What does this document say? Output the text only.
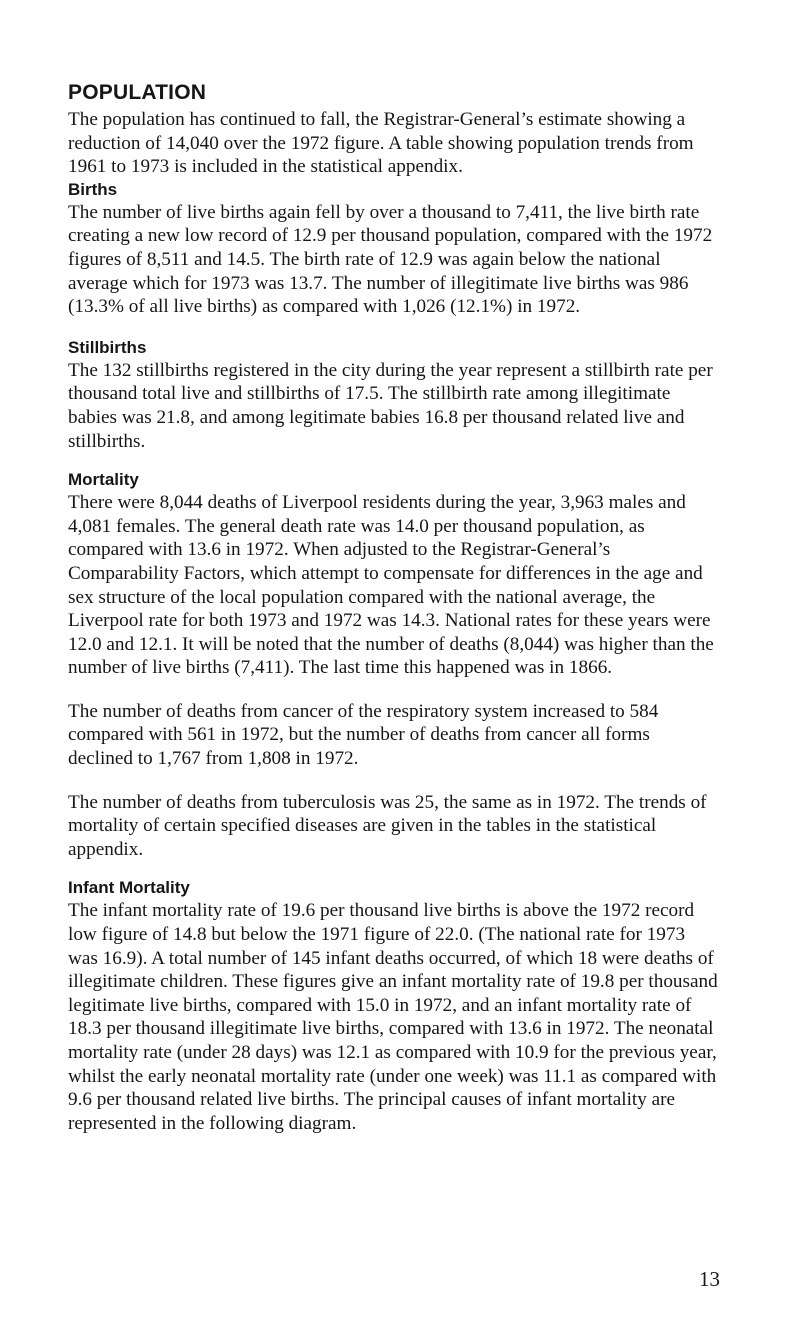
POPULATION

The population has continued to fall, the Registrar-General’s estimate showing a reduction of 14,040 over the 1972 figure. A table showing population trends from 1961 to 1973 is included in the statistical appendix.

Births

The number of live births again fell by over a thousand to 7,411, the live birth rate creating a new low record of 12.9 per thousand population, compared with the 1972 figures of 8,511 and 14.5. The birth rate of 12.9 was again below the national average which for 1973 was 13.7. The number of illegitimate live births was 986 (13.3% of all live births) as compared with 1,026 (12.1%) in 1972.

Stillbirths

The 132 stillbirths registered in the city during the year represent a stillbirth rate per thousand total live and stillbirths of 17.5. The stillbirth rate among illegitimate babies was 21.8, and among legitimate babies 16.8 per thousand related live and stillbirths.

Mortality

There were 8,044 deaths of Liverpool residents during the year, 3,963 males and 4,081 females. The general death rate was 14.0 per thousand population, as compared with 13.6 in 1972. When adjusted to the Registrar-General’s Comparability Factors, which attempt to compensate for differences in the age and sex structure of the local population compared with the national average, the Liverpool rate for both 1973 and 1972 was 14.3. National rates for these years were 12.0 and 12.1. It will be noted that the number of deaths (8,044) was higher than the number of live births (7,411). The last time this happened was in 1866.

The number of deaths from cancer of the respiratory system increased to 584 compared with 561 in 1972, but the number of deaths from cancer all forms declined to 1,767 from 1,808 in 1972.

The number of deaths from tuberculosis was 25, the same as in 1972. The trends of mortality of certain specified diseases are given in the tables in the statistical appendix.

Infant Mortality

The infant mortality rate of 19.6 per thousand live births is above the 1972 record low figure of 14.8 but below the 1971 figure of 22.0. (The national rate for 1973 was 16.9). A total number of 145 infant deaths occurred, of which 18 were deaths of illegitimate children. These figures give an infant mortality rate of 19.8 per thousand legitimate live births, compared with 15.0 in 1972, and an infant mortality rate of 18.3 per thousand illegitimate live births, compared with 13.6 in 1972. The neonatal mortality rate (under 28 days) was 12.1 as compared with 10.9 for the previous year, whilst the early neonatal mortality rate (under one week) was 11.1 as compared with 9.6 per thousand related live births. The principal causes of infant mortality are represented in the following diagram.

13
